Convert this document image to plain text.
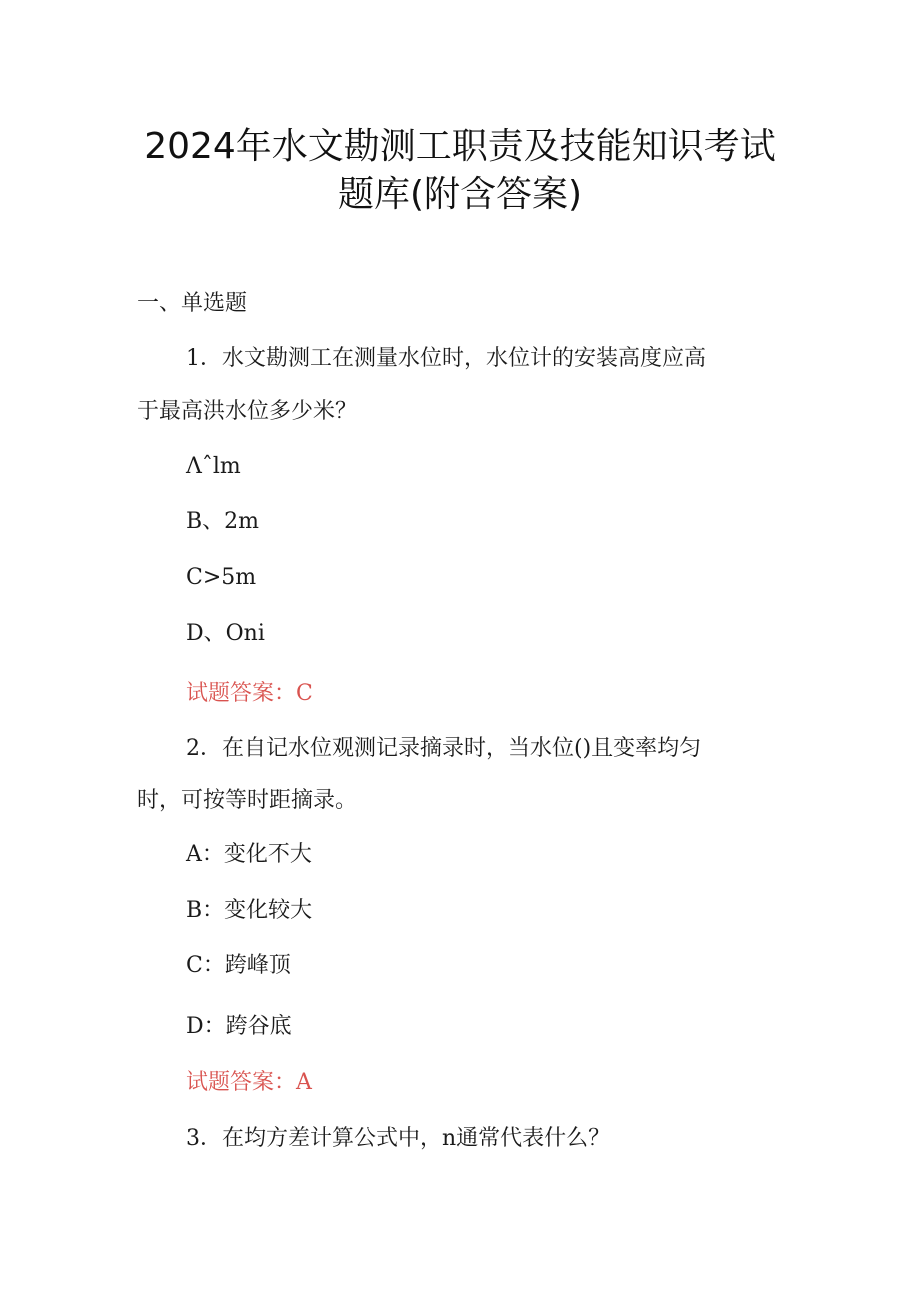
2024年水文勘测工职责及技能知识考试
题库(附含答案)
一、单选题
1．水文勘测工在测量水位时，水位计的安装高度应高
于最高洪水位多少米？
Λˆlm
B、2m
C>5m
D、Oni
试题答案：C
2．在自记水位观测记录摘录时，当水位()且变率均匀
时，可按等时距摘录。
A：变化不大
B：变化较大
C：跨峰顶
D：跨谷底
试题答案：A
3．在均方差计算公式中，n通常代表什么？
